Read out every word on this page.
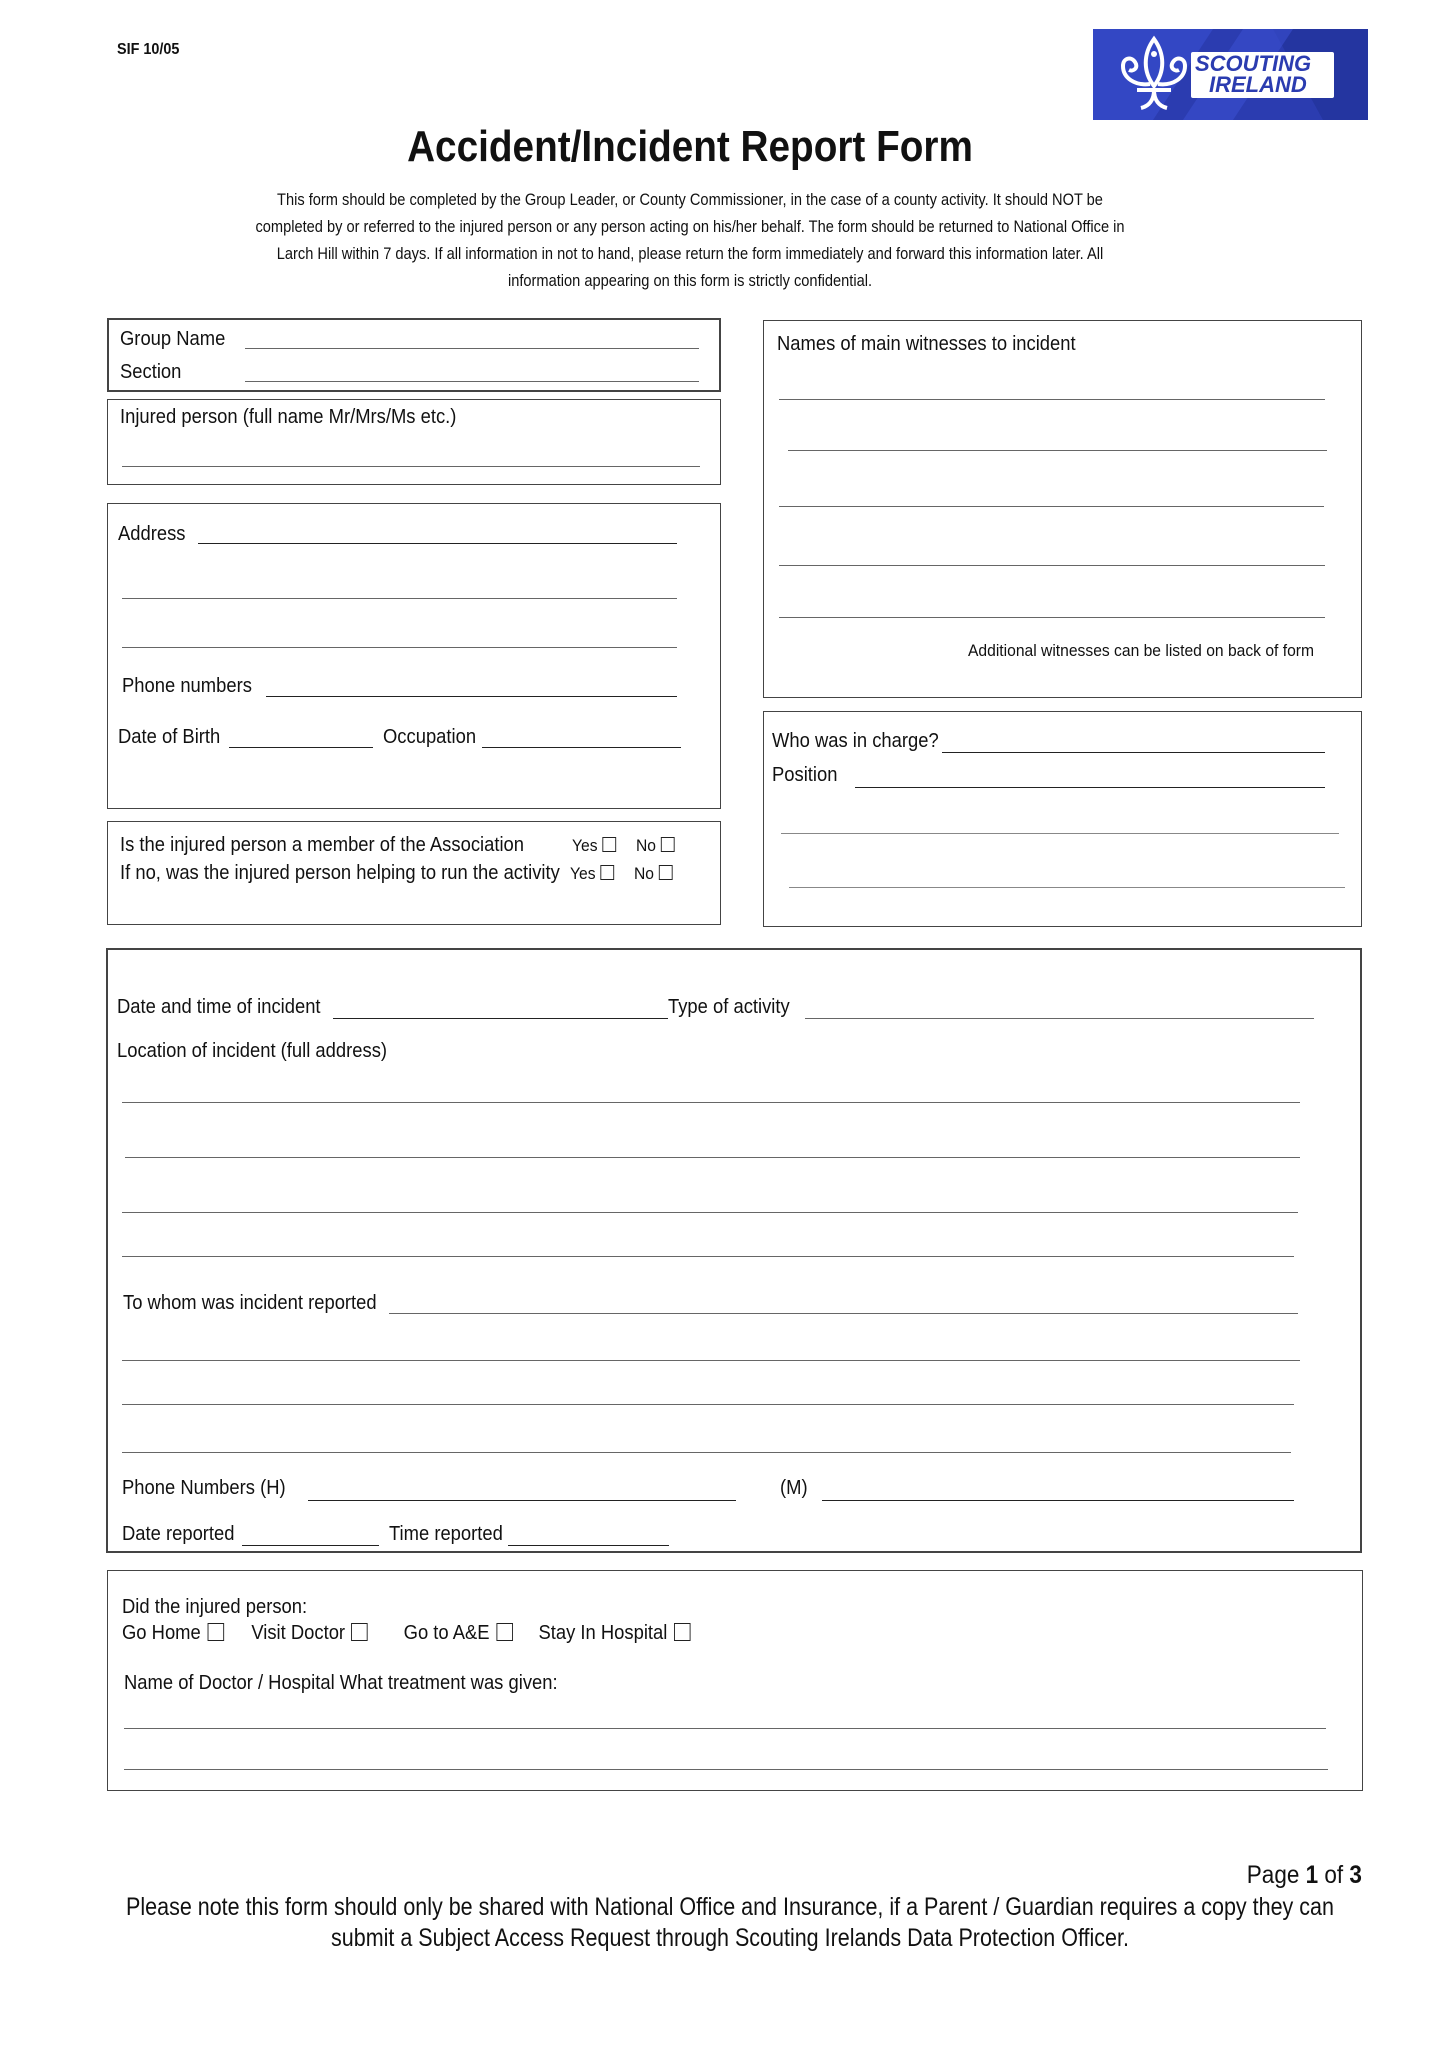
SIF 10/05
SCOUTING
IRELAND
Accident/Incident Report Form
This form should be completed by the Group Leader, or County Commissioner, in the case of a county activity. It should NOT be
completed by or referred to the injured person or any person acting on his/her behalf. The form should be returned to National Office in
Larch Hill within 7 days. If all information in not to hand, please return the form immediately and forward this information later. All
information appearing on this form is strictly confidential.
Group Name
Section
Injured person (full name Mr/Mrs/Ms etc.)
Address
Phone numbers
Date of Birth	Occupation
Is the injured person a member of the Association	Yes	No
If no, was the injured person helping to run the activity Yes	No
Names of main witnesses to incident
Additional witnesses can be listed on back of form
Who was in charge?
Position
Date and time of incident	Type of activity
Location of incident (full address)
To whom was incident reported
Phone Numbers (H)	(M)
Date reported	Time reported
Did the injured person:
Go Home	Visit Doctor	Go to A&E Stay In Hospital
Name of Doctor / Hospital What treatment was given:
Page 1 of 3
Please note this form should only be shared with National Office and Insurance, if a Parent / Guardian requires a copy they can
submit a Subject Access Request through Scouting Irelands Data Protection Officer.
